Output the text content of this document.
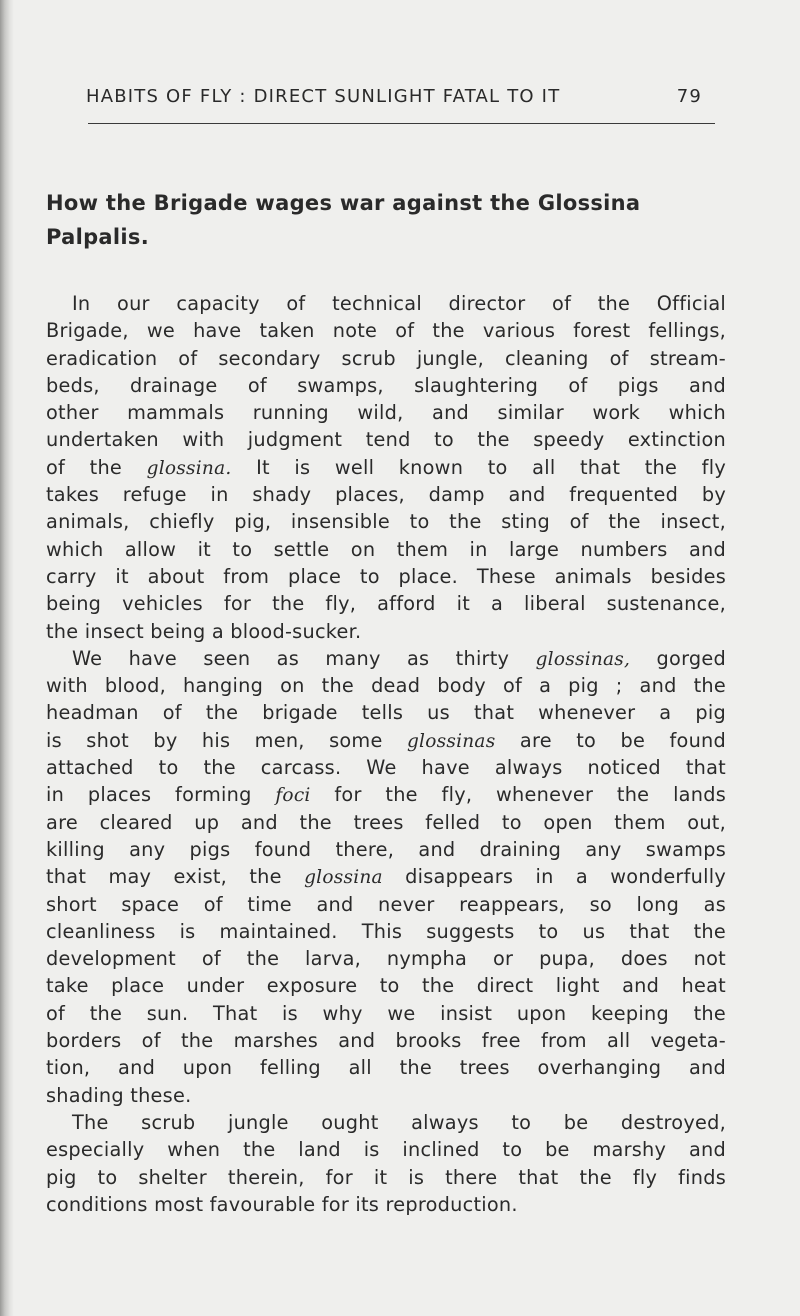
HABITS OF FLY : DIRECT SUNLIGHT FATAL TO IT	79
How the Brigade wages war against the Glossina
Palpalis.
In our capacity of technical director of the Official
Brigade, we have taken note of the various forest fellings,
eradication of secondary scrub jungle, cleaning of stream-
beds, drainage of swamps, slaughtering of pigs and
other mammals running wild, and similar work which
undertaken with judgment tend to the speedy extinction
of the glossina. It is well known to all that the fly
takes refuge in shady places, damp and frequented by
animals, chiefly pig, insensible to the sting of the insect,
which allow it to settle on them in large numbers and
carry it about from place to place. These animals besides
being vehicles for the fly, afford it a liberal sustenance,
the insect being a blood-sucker.
We have seen as many as thirty glossinas, gorged
with blood, hanging on the dead body of a pig ; and the
headman of the brigade tells us that whenever a pig
is shot by his men, some glossinas are to be found
attached to the carcass. We have always noticed that
in places forming foci for the fly, whenever the lands
are cleared up and the trees felled to open them out,
killing any pigs found there, and draining any swamps
that may exist, the glossina disappears in a wonderfully
short space of time and never reappears, so long as
cleanliness is maintained. This suggests to us that the
development of the larva, nympha or pupa, does not
take place under exposure to the direct light and heat
of the sun. That is why we insist upon keeping the
borders of the marshes and brooks free from all vegeta-
tion, and upon felling all the trees overhanging and
shading these.
The scrub jungle ought always to be destroyed,
especially when the land is inclined to be marshy and
pig to shelter therein, for it is there that the fly finds
conditions most favourable for its reproduction.
